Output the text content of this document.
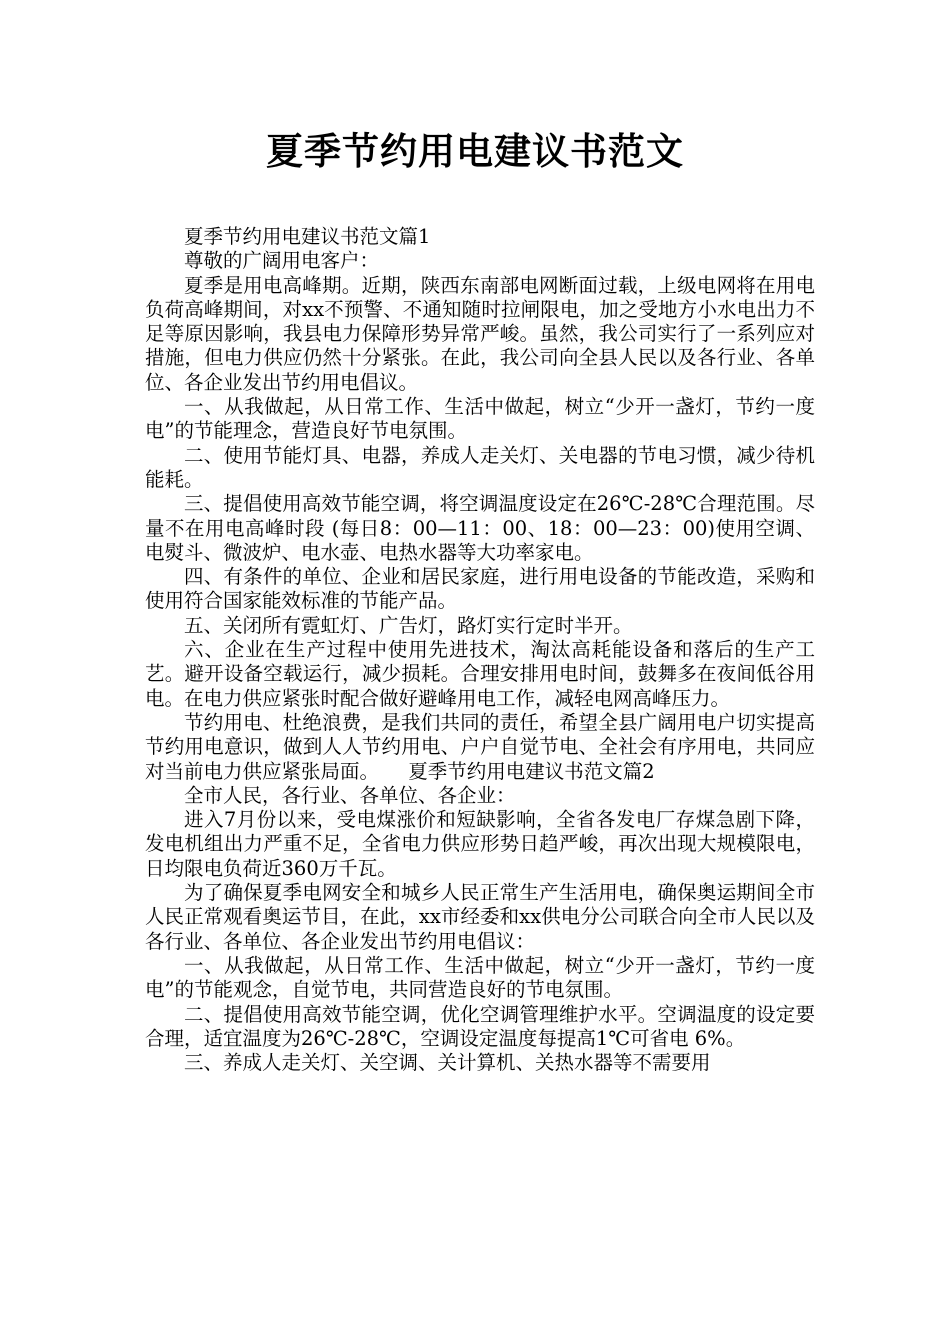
夏季节约用电建议书范文

夏季节约用电建议书范文篇1

尊敬的广阔用电客户：

夏季是用电高峰期。近期，陕西东南部电网断面过载，上级电网将在用电负荷高峰期间，对xx不预警、不通知随时拉闸限电，加之受地方小水电出力不足等原因影响，我县电力保障形势异常严峻。虽然，我公司实行了一系列应对措施，但电力供应仍然十分紧张。在此，我公司向全县人民以及各行业、各单位、各企业发出节约用电倡议。

一、从我做起，从日常工作、生活中做起，树立“少开一盏灯，节约一度电”的节能理念，营造良好节电氛围。

二、使用节能灯具、电器，养成人走关灯、关电器的节电习惯，减少待机能耗。

三、提倡使用高效节能空调，将空调温度设定在26℃-28℃合理范围。尽量不在用电高峰时段 (每日8：00—11：00、18：00—23：00)使用空调、电熨斗、微波炉、电水壶、电热水器等大功率家电。

四、有条件的单位、企业和居民家庭，进行用电设备的节能改造，采购和使用符合国家能效标准的节能产品。

五、关闭所有霓虹灯、广告灯，路灯实行定时半开。

六、企业在生产过程中使用先进技术，淘汰高耗能设备和落后的生产工艺。避开设备空载运行，减少损耗。合理安排用电时间，鼓舞多在夜间低谷用电。在电力供应紧张时配合做好避峰用电工作，减轻电网高峰压力。

节约用电、杜绝浪费，是我们共同的责任，希望全县广阔用电户切实提高节约用电意识，做到人人节约用电、户户自觉节电、全社会有序用电，共同应对当前电力供应紧张局面。　　夏季节约用电建议书范文篇2

全市人民，各行业、各单位、各企业：

进入7月份以来，受电煤涨价和短缺影响，全省各发电厂存煤急剧下降，发电机组出力严重不足，全省电力供应形势日趋严峻，再次出现大规模限电，日均限电负荷近360万千瓦。

为了确保夏季电网安全和城乡人民正常生产生活用电，确保奥运期间全市人民正常观看奥运节目，在此，xx市经委和xx供电分公司联合向全市人民以及各行业、各单位、各企业发出节约用电倡议：

一、从我做起，从日常工作、生活中做起，树立“少开一盏灯，节约一度电”的节能观念，自觉节电，共同营造良好的节电氛围。

二、提倡使用高效节能空调，优化空调管理维护水平。空调温度的设定要合理，适宜温度为26℃-28℃，空调设定温度每提高1℃可省电 6%。

三、养成人走关灯、关空调、关计算机、关热水器等不需要用
